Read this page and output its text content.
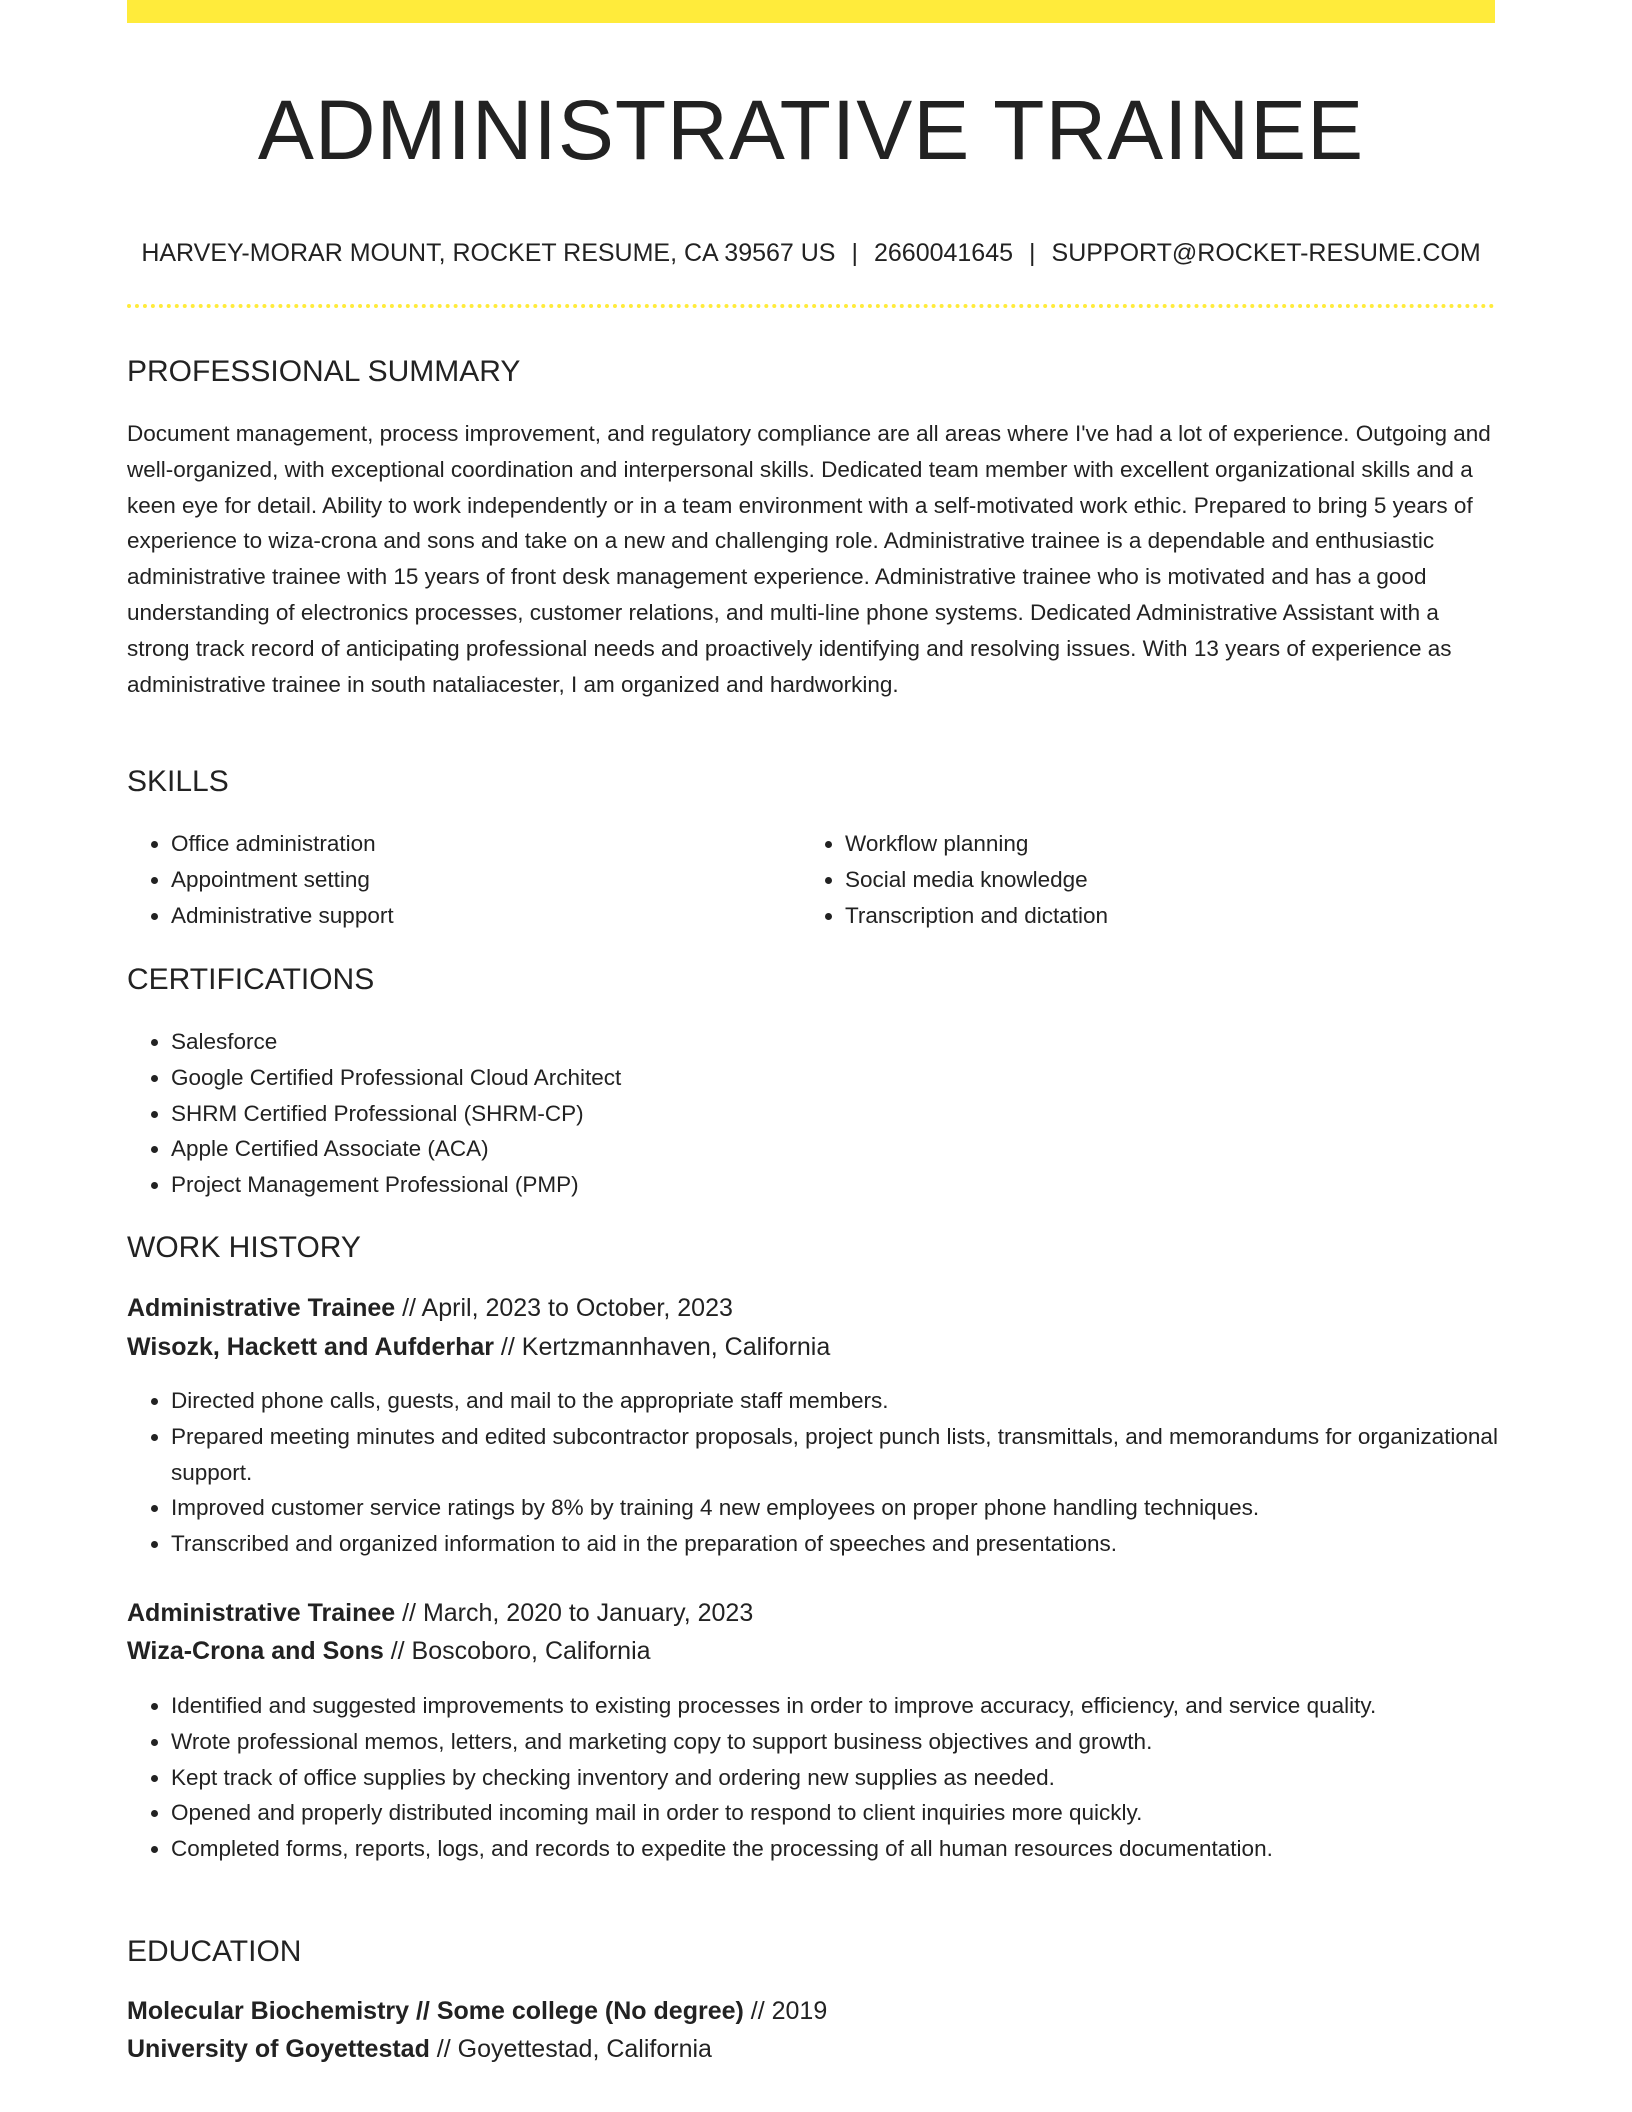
ADMINISTRATIVE TRAINEE
HARVEY-MORAR MOUNT, ROCKET RESUME, CA 39567 US | 2660041645 | SUPPORT@ROCKET-RESUME.COM
PROFESSIONAL SUMMARY

Document management, process improvement, and regulatory compliance are all areas where I've had a lot of experience. Outgoing and well-organized, with exceptional coordination and interpersonal skills. Dedicated team member with excellent organizational skills and a keen eye for detail. Ability to work independently or in a team environment with a self-motivated work ethic. Prepared to bring 5 years of experience to wiza-crona and sons and take on a new and challenging role. Administrative trainee is a dependable and enthusiastic administrative trainee with 15 years of front desk management experience. Administrative trainee who is motivated and has a good understanding of electronics processes, customer relations, and multi-line phone systems. Dedicated Administrative Assistant with a strong track record of anticipating professional needs and proactively identifying and resolving issues. With 13 years of experience as administrative trainee in south nataliacester, I am organized and hardworking.

SKILLS
• Office administration
• Appointment setting
• Administrative support
• Workflow planning
• Social media knowledge
• Transcription and dictation
CERTIFICATIONS
• Salesforce
• Google Certified Professional Cloud Architect
• SHRM Certified Professional (SHRM-CP)
• Apple Certified Associate (ACA)
• Project Management Professional (PMP)
WORK HISTORY
Administrative Trainee // April, 2023 to October, 2023
Wisozk, Hackett and Aufderhar // Kertzmannhaven, California
• Directed phone calls, guests, and mail to the appropriate staff members.
• Prepared meeting minutes and edited subcontractor proposals, project punch lists, transmittals, and memorandums for organizational support.
• Improved customer service ratings by 8% by training 4 new employees on proper phone handling techniques.
• Transcribed and organized information to aid in the preparation of speeches and presentations.
Administrative Trainee // March, 2020 to January, 2023
Wiza-Crona and Sons // Boscoboro, California
• Identified and suggested improvements to existing processes in order to improve accuracy, efficiency, and service quality.
• Wrote professional memos, letters, and marketing copy to support business objectives and growth.
• Kept track of office supplies by checking inventory and ordering new supplies as needed.
• Opened and properly distributed incoming mail in order to respond to client inquiries more quickly.
• Completed forms, reports, logs, and records to expedite the processing of all human resources documentation.
EDUCATION
Molecular Biochemistry // Some college (No degree) // 2019
University of Goyettestad // Goyettestad, California
